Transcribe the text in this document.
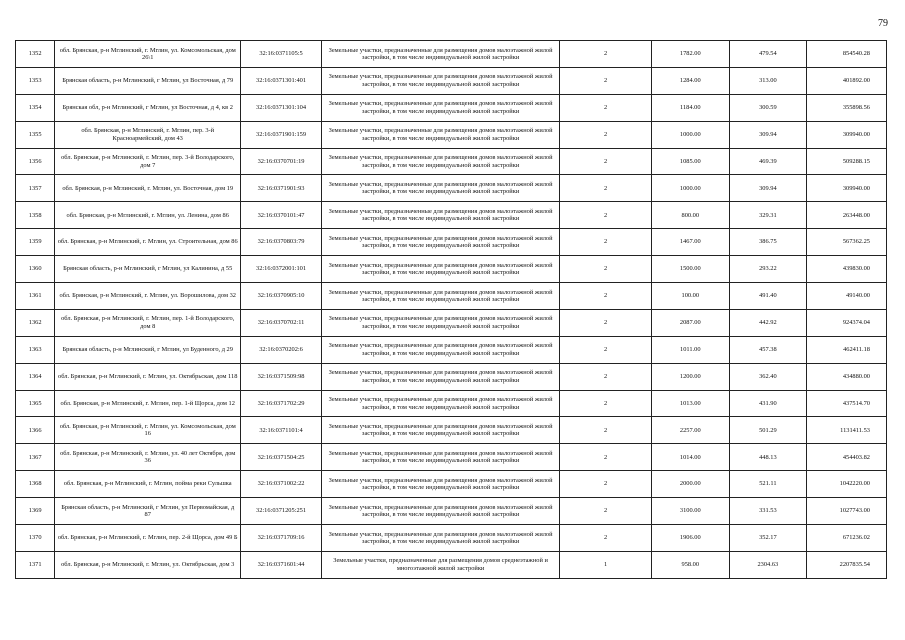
79
1352	обл. Брянская, р-н Мглинский, г. Мглин, ул. Комсомольская, дом 26\1	32:16:0371105:5	Земельные участки, предназначенные для размещения домов малоэтажной жилой застройки, в том числе индивидуальной жилой застройки	2	1782.00	479.54	854540.28
1353	Брянская область, р-н Мглинский, г Мглин, ул Восточная, д 79	32:16:0371301:401	Земельные участки, предназначенные для размещения домов малоэтажной жилой застройки, в том числе индивидуальной жилой застройки	2	1284.00	313.00	401892.00
1354	Брянская обл, р-н Мглинский, г Мглин, ул Восточная, д 4, кв 2	32:16:0371301:104	Земельные участки, предназначенные для размещения домов малоэтажной жилой застройки, в том числе индивидуальной жилой застройки	2	1184.00	300.59	355898.56
1355	обл. Брянская, р-н Мглинский, г. Мглин, пер. 3-й Красноармейский, дом 43	32:16:0371901:159	Земельные участки, предназначенные для размещения домов малоэтажной жилой застройки, в том числе индивидуальной жилой застройки	2	1000.00	309.94	309940.00
1356	обл. Брянская, р-н Мглинский, г. Мглин, пер. 3-й Володарского, дом 7	32:16:0370701:19	Земельные участки, предназначенные для размещения домов малоэтажной жилой застройки, в том числе индивидуальной жилой застройки	2	1085.00	469.39	509288.15
1357	обл. Брянская, р-н Мглинский, г. Мглин, ул. Восточная, дом 19	32:16:0371901:93	Земельные участки, предназначенные для размещения домов малоэтажной жилой застройки, в том числе индивидуальной жилой застройки	2	1000.00	309.94	309940.00
1358	обл. Брянская, р-н Мглинский, г. Мглин, ул. Ленина, дом 86	32:16:0370101:47	Земельные участки, предназначенные для размещения домов малоэтажной жилой застройки, в том числе индивидуальной жилой застройки	2	800.00	329.31	263448.00
1359	обл. Брянская, р-н Мглинский, г. Мглин, ул. Строительная, дом 86	32:16:0370803:79	Земельные участки, предназначенные для размещения домов малоэтажной жилой застройки, в том числе индивидуальной жилой застройки	2	1467.00	386.75	567362.25
1360	Брянская область, р-н Мглинский, г Мглин, ул Калинина, д 55	32:16:0372001:101	Земельные участки, предназначенные для размещения домов малоэтажной жилой застройки, в том числе индивидуальной жилой застройки	2	1500.00	293.22	439830.00
1361	обл. Брянская, р-н Мглинский, г. Мглин, ул. Ворошилова, дом 32	32:16:0370905:10	Земельные участки, предназначенные для размещения домов малоэтажной жилой застройки, в том числе индивидуальной жилой застройки	2	100.00	491.40	49140.00
1362	обл. Брянская, р-н Мглинский, г. Мглин, пер. 1-й Володарского, дом 8	32:16:0370702:11	Земельные участки, предназначенные для размещения домов малоэтажной жилой застройки, в том числе индивидуальной жилой застройки	2	2087.00	442.92	924374.04
1363	Брянская область, р-н Мглинский, г Мглин, ул Буденного, д 29	32:16:0370202:6	Земельные участки, предназначенные для размещения домов малоэтажной жилой застройки, в том числе индивидуальной жилой застройки	2	1011.00	457.38	462411.18
1364	обл. Брянская, р-н Мглинский, г. Мглин, ул. Октябрьская, дом 118	32:16:0371509:98	Земельные участки, предназначенные для размещения домов малоэтажной жилой застройки, в том числе индивидуальной жилой застройки	2	1200.00	362.40	434880.00
1365	обл. Брянская, р-н Мглинский, г. Мглин, пер. 1-й Щорса, дом 12	32:16:0371702:29	Земельные участки, предназначенные для размещения домов малоэтажной жилой застройки, в том числе индивидуальной жилой застройки	2	1013.00	431.90	437514.70
1366	обл. Брянская, р-н Мглинский, г. Мглин, ул. Комсомольская, дом 16	32:16:0371101:4	Земельные участки, предназначенные для размещения домов малоэтажной жилой застройки, в том числе индивидуальной жилой застройки	2	2257.00	501.29	1131411.53
1367	обл. Брянская, р-н Мглинский, г. Мглин, ул. 40 лет Октября, дом 36	32:16:0371504:25	Земельные участки, предназначенные для размещения домов малоэтажной жилой застройки, в том числе индивидуальной жилой застройки	2	1014.00	448.13	454403.82
1368	обл. Брянская, р-н Мглинский, г. Мглин, пойма реки Сульшка	32:16:0371002:22	Земельные участки, предназначенные для размещения домов малоэтажной жилой застройки, в том числе индивидуальной жилой застройки	2	2000.00	521.11	1042220.00
1369	Брянская область, р-н Мглинский, г Мглин, ул Первомайская, д 87	32:16:0371205:251	Земельные участки, предназначенные для размещения домов малоэтажной жилой застройки, в том числе индивидуальной жилой застройки	2	3100.00	331.53	1027743.00
1370	обл. Брянская, р-н Мглинский, г. Мглин, пер. 2-й Щорса, дом 49 Б	32:16:0371709:16	Земельные участки, предназначенные для размещения домов малоэтажной жилой застройки, в том числе индивидуальной жилой застройки	2	1906.00	352.17	671236.02
1371	обл. Брянская, р-н Мглинский, г. Мглин, ул. Октябрьская, дом 3	32:16:0371601:44	Земельные участки, предназначенные для размещения домов среднеэтажной и многоэтажной жилой застройки	1	958.00	2304.63	2207835.54
